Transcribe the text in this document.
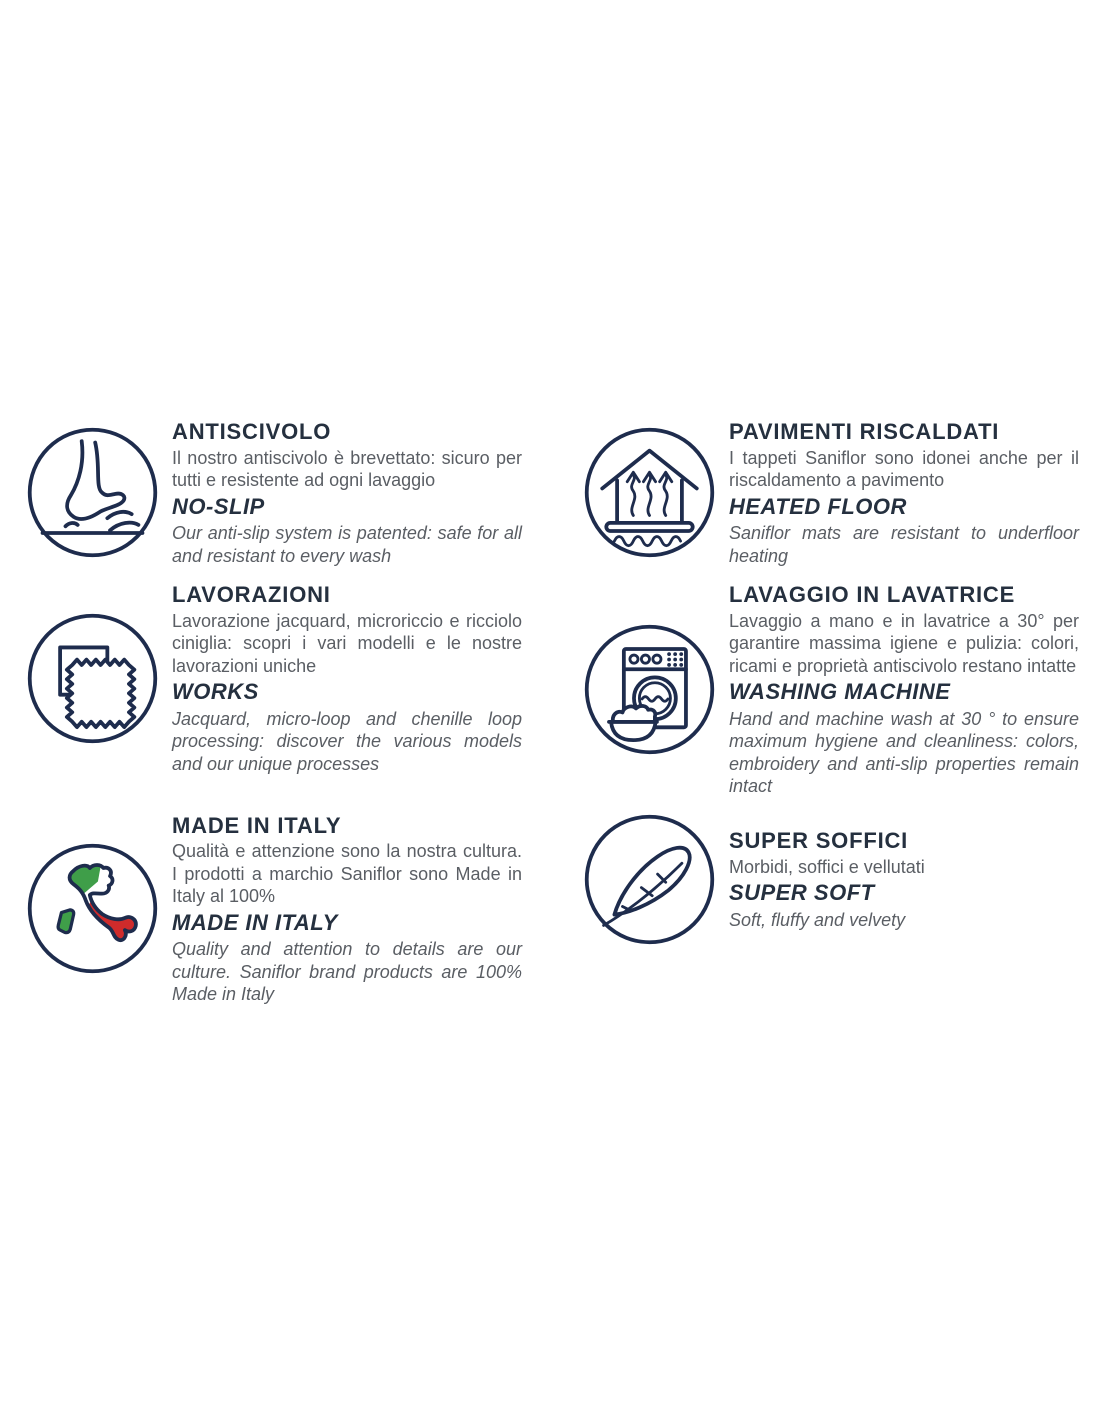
ANTISCIVOLO

Il nostro antiscivolo è brevettato: sicuro per tutti e resistente ad ogni lavaggio

NO-SLIP

Our anti-slip system is patented: safe for all and resistant to every wash

PAVIMENTI RISCALDATI

I tappeti Saniflor sono idonei anche per il riscaldamento a pavimento

HEATED FLOOR

Saniflor mats are resistant to underfloor heating

LAVORAZIONI

Lavorazione jacquard, microriccio e ricciolo ciniglia: scopri i vari modelli e le nostre lavorazioni uniche

WORKS

Jacquard, micro-loop and chenille loop processing: discover the various models and our unique processes

LAVAGGIO IN LAVATRICE

Lavaggio a mano e in lavatrice a 30° per garantire massima igiene e pulizia: colori, ricami e proprietà antiscivolo restano intatte

WASHING MACHINE

Hand and machine wash at 30 ° to ensure maximum hygiene and cleanliness: colors, embroidery and anti-slip properties remain intact

MADE IN ITALY

Qualità e attenzione sono la nostra cultura. I prodotti a marchio Saniflor sono Made in Italy al 100%

MADE IN ITALY

Quality and attention to details are our culture. Saniflor brand products are 100% Made in Italy

SUPER SOFFICI

Morbidi, soffici e vellutati

SUPER SOFT

Soft, fluffy and velvety
